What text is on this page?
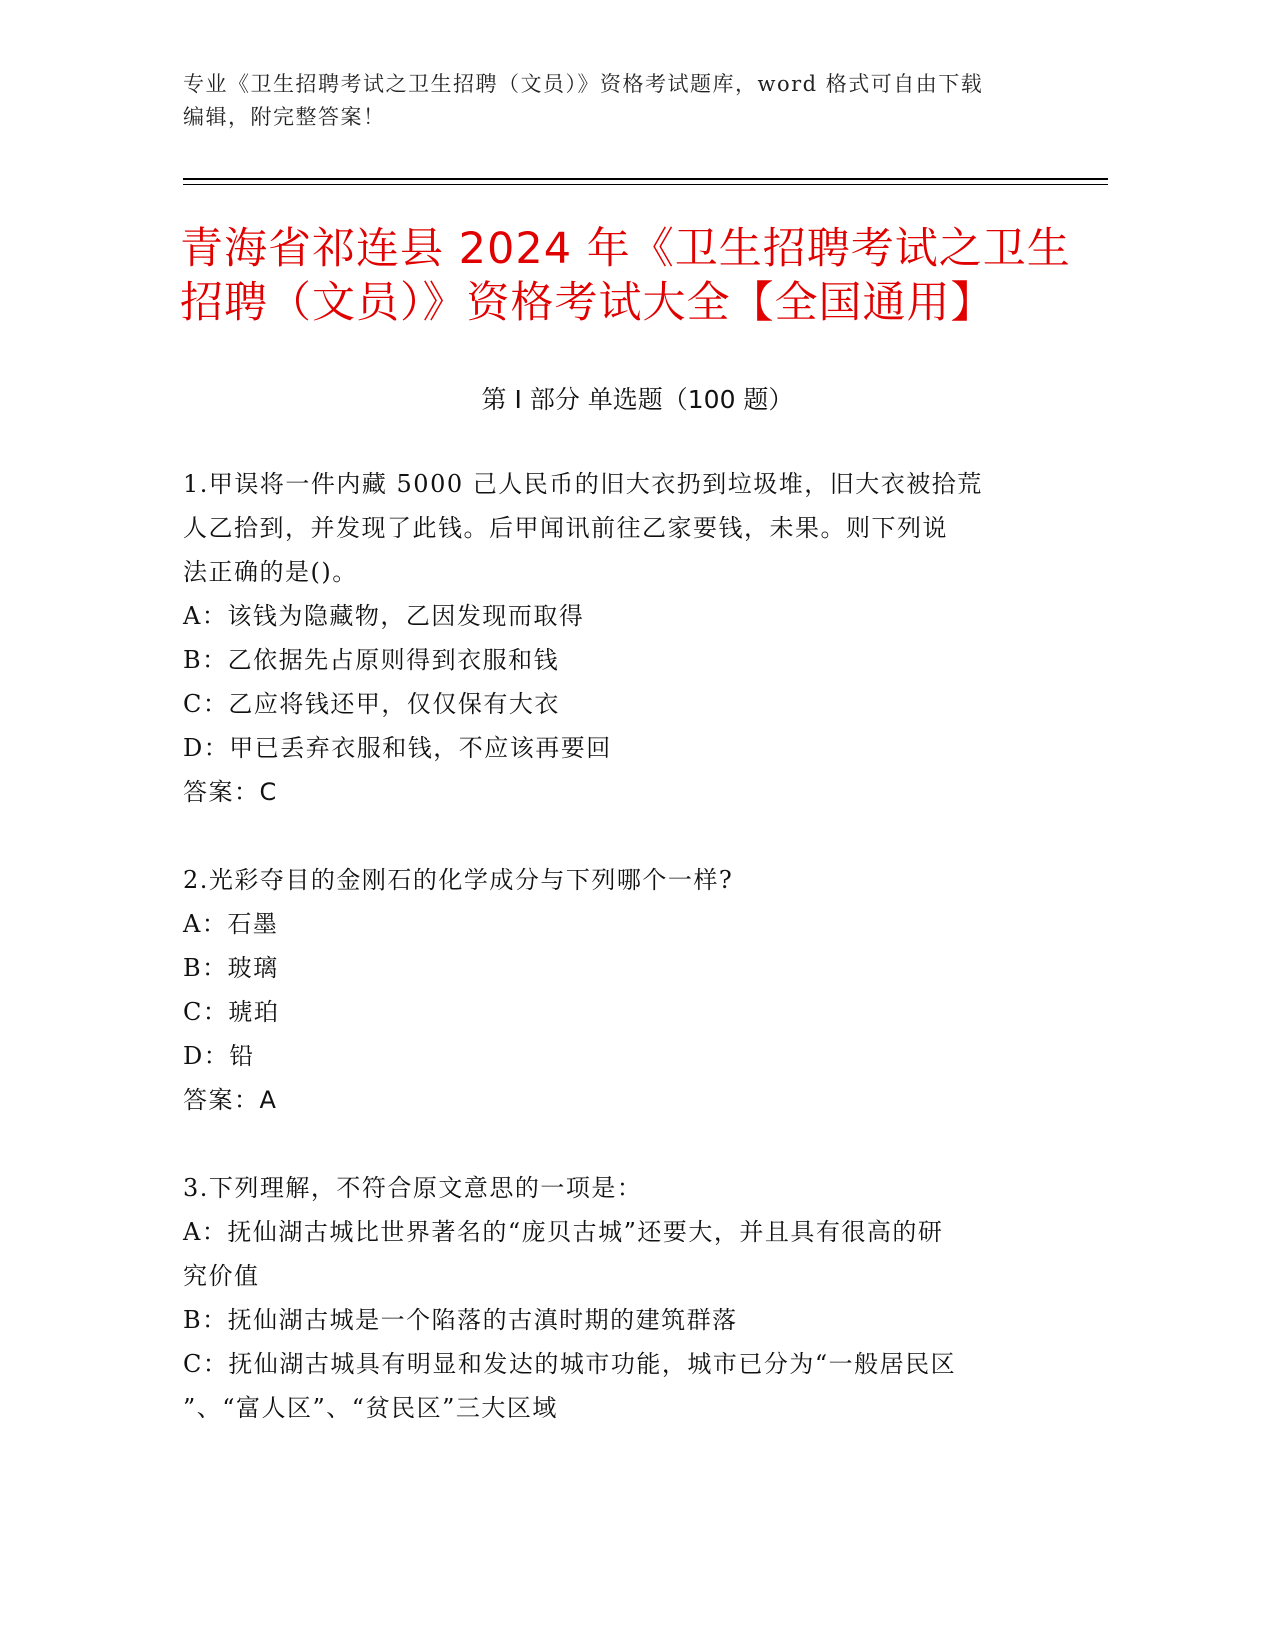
专业《卫生招聘考试之卫生招聘（文员）》资格考试题库，word 格式可自由下载
编辑，附完整答案！
青海省祁连县 2024 年《卫生招聘考试之卫生
招聘（文员）》资格考试大全【全国通用】
第 I 部分 单选题（100 题）
1.甲误将一件内藏 5000 己人民币的旧大衣扔到垃圾堆，旧大衣被拾荒
人乙拾到，并发现了此钱。后甲闻讯前往乙家要钱，未果。则下列说
法正确的是()。
A：该钱为隐藏物，乙因发现而取得
B：乙依据先占原则得到衣服和钱
C：乙应将钱还甲，仅仅保有大衣
D：甲已丢弃衣服和钱，不应该再要回
答案：C
2.光彩夺目的金刚石的化学成分与下列哪个一样?
A：石墨
B：玻璃
C：琥珀
D：铅
答案：A
3.下列理解，不符合原文意思的一项是：
A：抚仙湖古城比世界著名的“庞贝古城”还要大，并且具有很高的研
究价值
B：抚仙湖古城是一个陷落的古滇时期的建筑群落
C：抚仙湖古城具有明显和发达的城市功能，城市已分为“一般居民区
”、“富人区”、“贫民区”三大区域
